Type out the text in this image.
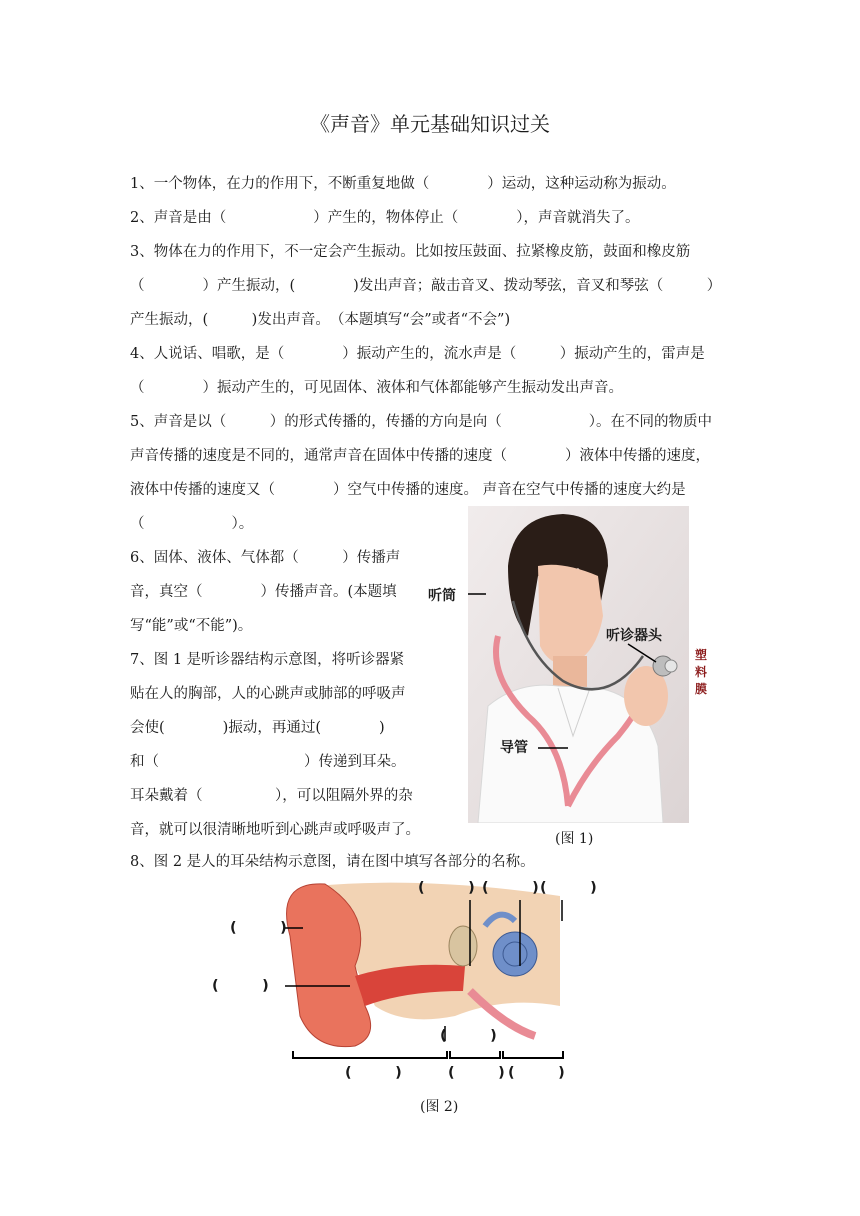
《声音》单元基础知识过关
1、一个物体，在力的作用下，不断重复地做（　　　　）运动，这种运动称为振动。
2、声音是由（　　　　　　）产生的，物体停止（　　　　），声音就消失了。
3、物体在力的作用下，不一定会产生振动。比如按压鼓面、拉紧橡皮筋，鼓面和橡皮筋
（　　　　）产生振动，(　　　　)发出声音；敲击音叉、拨动琴弦，音叉和琴弦（　　　）
产生振动，(　　　)发出声音。　（本题填写“会”或者“不会”)
4、人说话、唱歌，是（　　　　）振动产生的，流水声是（　　　）振动产生的，雷声是
（　　　　）振动产生的，可见固体、液体和气体都能够产生振动发出声音。
5、声音是以（　　　）的形式传播的，传播的方向是向（　　　　　　）。在不同的物质中
声音传播的速度是不同的，通常声音在固体中传播的速度（　　　　）液体中传播的速度，
液体中传播的速度又（　　　　）空气中传播的速度。 声音在空气中传播的速度大约是
（　　　　　　）。
6、固体、液体、气体都（　　　）传播声
音，真空（　　　　）传播声音。(本题填
写“能”或“不能”)。
7、图 1 是听诊器结构示意图，将听诊器紧
贴在人的胸部，人的心跳声或肺部的呼吸声
会使(　　　　)振动，再通过(　　　　)
和（　　　　　　　　　　）传递到耳朵。
耳朵戴着（　　　　　），可以阻隔外界的杂
音，就可以很清晰地听到心跳声或呼吸声了。
8、图 2 是人的耳朵结构示意图，请在图中填写各部分的名称。
听筒
听诊器头
导管
塑
料
膜
(图 1)
(　　　) (　　　) (　　　)
(　　　)
(　　　)
(　　　)
(　　　)	(　　　) (　　　)
(图 2)
